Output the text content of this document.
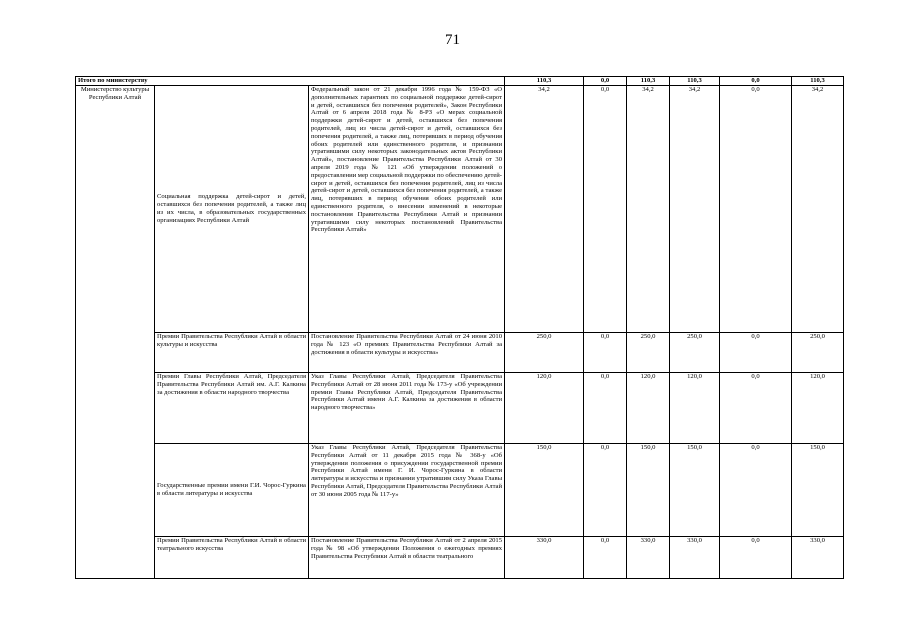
71
Итого по министерству			110,3	0,0	110,3	110,3	0,0	110,3
Министерство культуры Республики Алтай	Социальная поддержка детей-сирот и детей, оставшихся без попечения родителей, а также лиц из их числа, в образовательных государственных организациях Республики Алтай	Федеральный закон от 21 декабря 1996 года № 159-ФЗ «О дополнительных гарантиях по социальной поддержке детей-сирот и детей, оставшихся без попечения родителей», Закон Республики Алтай от 6 апреля 2018 года № 8-РЗ «О мерах социальной поддержки детей-сирот и детей, оставшихся без попечения родителей, лиц из числа детей-сирот и детей, оставшихся без попечения родителей, а также лиц, потерявших в период обучения обоих родителей или единственного родителя, и признании утратившими силу некоторых законодательных актов Республики Алтай», постановление Правительства Республики Алтай от 30 апреля 2019 года № 121 «Об утверждении положений о предоставлении мер социальной поддержки по обеспечению детей-сирот и детей, оставшихся без попечения родителей, лиц из числа детей-сирот и детей, оставшихся без попечения родителей, а также лиц, потерявших в период обучения обоих родителей или единственного родителя, о внесении изменений в некоторые постановления Правительства Республики Алтай и признании утратившими силу некоторых постановлений Правительства Республики Алтай»	34,2	0,0	34,2	34,2	0,0	34,2
	Премии Правительства Республики Алтай в области культуры и искусства	Постановление Правительства Республики Алтай от 24 июня 2010 года № 123 «О премиях Правительства Республики Алтай за достижения в области культуры и искусства»	250,0	0,0	250,0	250,0	0,0	250,0
	Премии Главы Республики Алтай, Председателя Правительства Республики Алтай им. А.Г. Калкина за достижения в области народного творчества	Указ Главы Республики Алтай, Председателя Правительства Республики Алтай от 28 июня 2011 года № 173-у «Об учреждении премии Главы Республики Алтай, Председателя Правительства Республики Алтай имени А.Г. Калкина за достижения в области народного творчества»	120,0	0,0	120,0	120,0	0,0	120,0
	Государственные премии имени Г.И. Чорос-Гуркина в области литературы и искусства	Указ Главы Республики Алтай, Председателя Правительства Республики Алтай от 11 декабря 2015 года № 368-у «Об утверждении положения о присуждении государственной премии Республики Алтай имени Г. И. Чорос-Гуркина в области литературы и искусства и признании утратившим силу Указа Главы Республики Алтай, Председателя Правительства Республики Алтай от 30 июня 2005 года № 117-у»	150,0	0,0	150,0	150,0	0,0	150,0
	Премии Правительства Республики Алтай в области театрального искусства	Постановление Правительства Республики Алтай от 2 апреля 2015 года № 98 «Об утверждении Положения о ежегодных премиях Правительства Республики Алтай в области театрального	330,0	0,0	330,0	330,0	0,0	330,0
